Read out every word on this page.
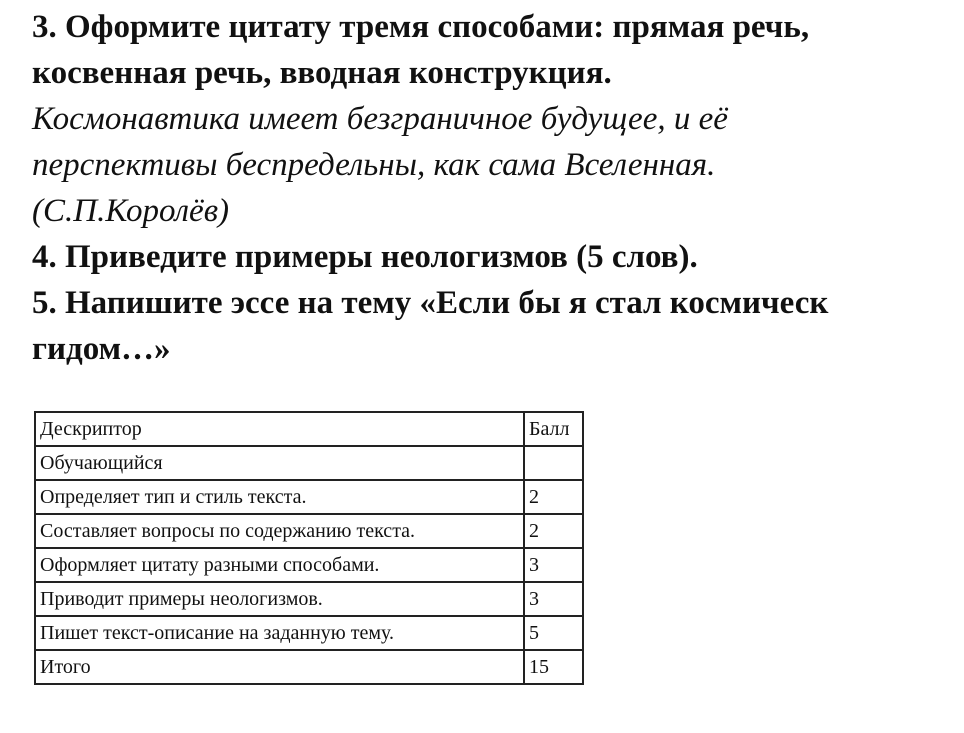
3. Оформите цитату тремя способами: прямая речь,
косвенная речь, вводная конструкция.
Космонавтика имеет безграничное будущее, и её
перспективы беспредельны, как сама Вселенная.
(С.П.Королёв)
4. Приведите примеры неологизмов (5 слов).
5. Напишите эссе на тему «Если бы я стал космическ
гидом…»
Дескриптор	Балл
Обучающийся	
Определяет тип и стиль текста.	2
Составляет вопросы по содержанию текста.	2
Оформляет цитату разными способами.	3
Приводит примеры неологизмов.	3
Пишет текст-описание на заданную тему.	5
Итого	15
